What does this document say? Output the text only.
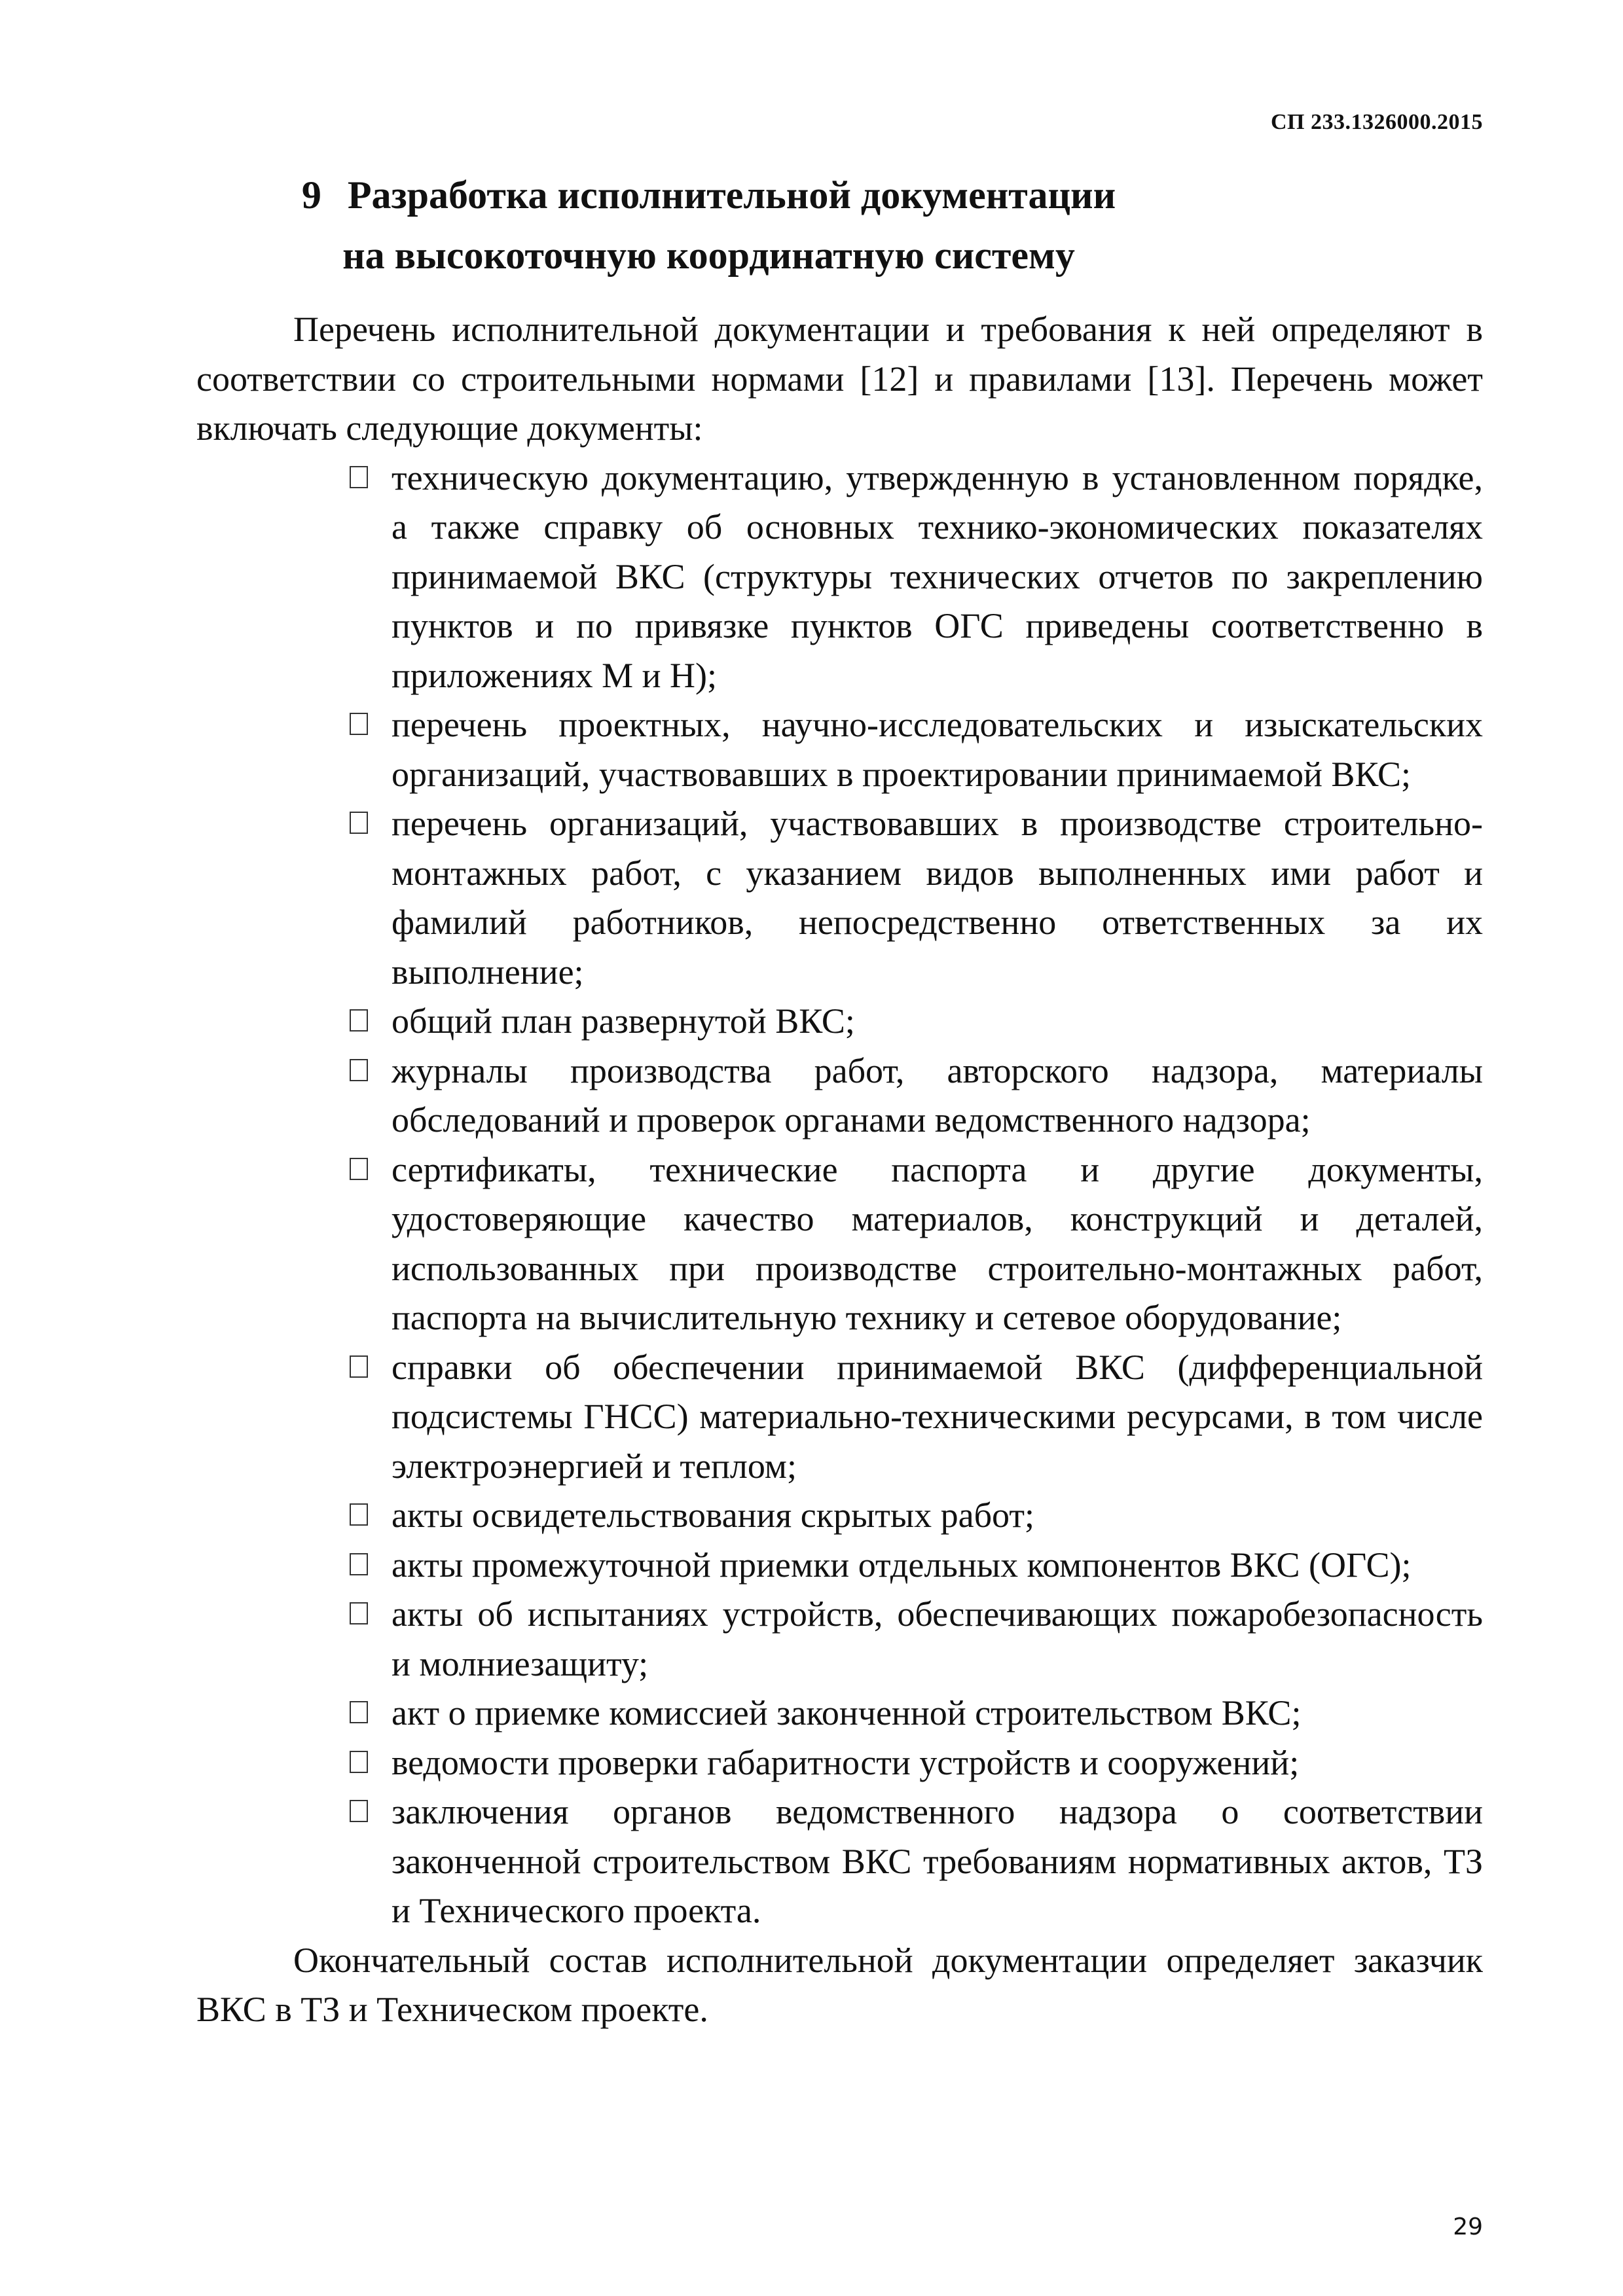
СП 233.1326000.2015
9 Разработка исполнительной документации
на высокоточную координатную систему

Перечень исполнительной документации и требования к ней определяют в соответствии со строительными нормами [12] и правилами [13]. Перечень может включать следующие документы:

техническую документацию, утвержденную в установленном порядке, а также справку об основных технико-экономических показателях принимаемой ВКС (структуры технических отчетов по закреплению пунктов и по привязке пунктов ОГС приведены соответственно в приложениях М и Н);
перечень проектных, научно-исследовательских и изыскательских организаций, участвовавших в проектировании принимаемой ВКС;
перечень организаций, участвовавших в производстве строительно-монтажных работ, с указанием видов выполненных ими работ и фамилий работников, непосредственно ответственных за их выполнение;
общий план развернутой ВКС;
журналы производства работ, авторского надзора, материалы обследований и проверок органами ведомственного надзора;
сертификаты, технические паспорта и другие документы, удостоверяющие качество материалов, конструкций и деталей, использованных при производстве строительно-монтажных работ, паспорта на вычислительную технику и сетевое оборудование;
справки об обеспечении принимаемой ВКС (дифференциальной подсистемы ГНСС) материально-техническими ресурсами, в том числе электроэнергией и теплом;
акты освидетельствования скрытых работ;
акты промежуточной приемки отдельных компонентов ВКС (ОГС);
акты об испытаниях устройств, обеспечивающих пожаробезопасность и молниезащиту;
акт о приемке комиссией законченной строительством ВКС;
ведомости проверки габаритности устройств и сооружений;
заключения органов ведомственного надзора о соответствии законченной строительством ВКС требованиям нормативных актов, ТЗ и Технического проекта.

Окончательный состав исполнительной документации определяет заказчик ВКС в ТЗ и Техническом проекте.

29
